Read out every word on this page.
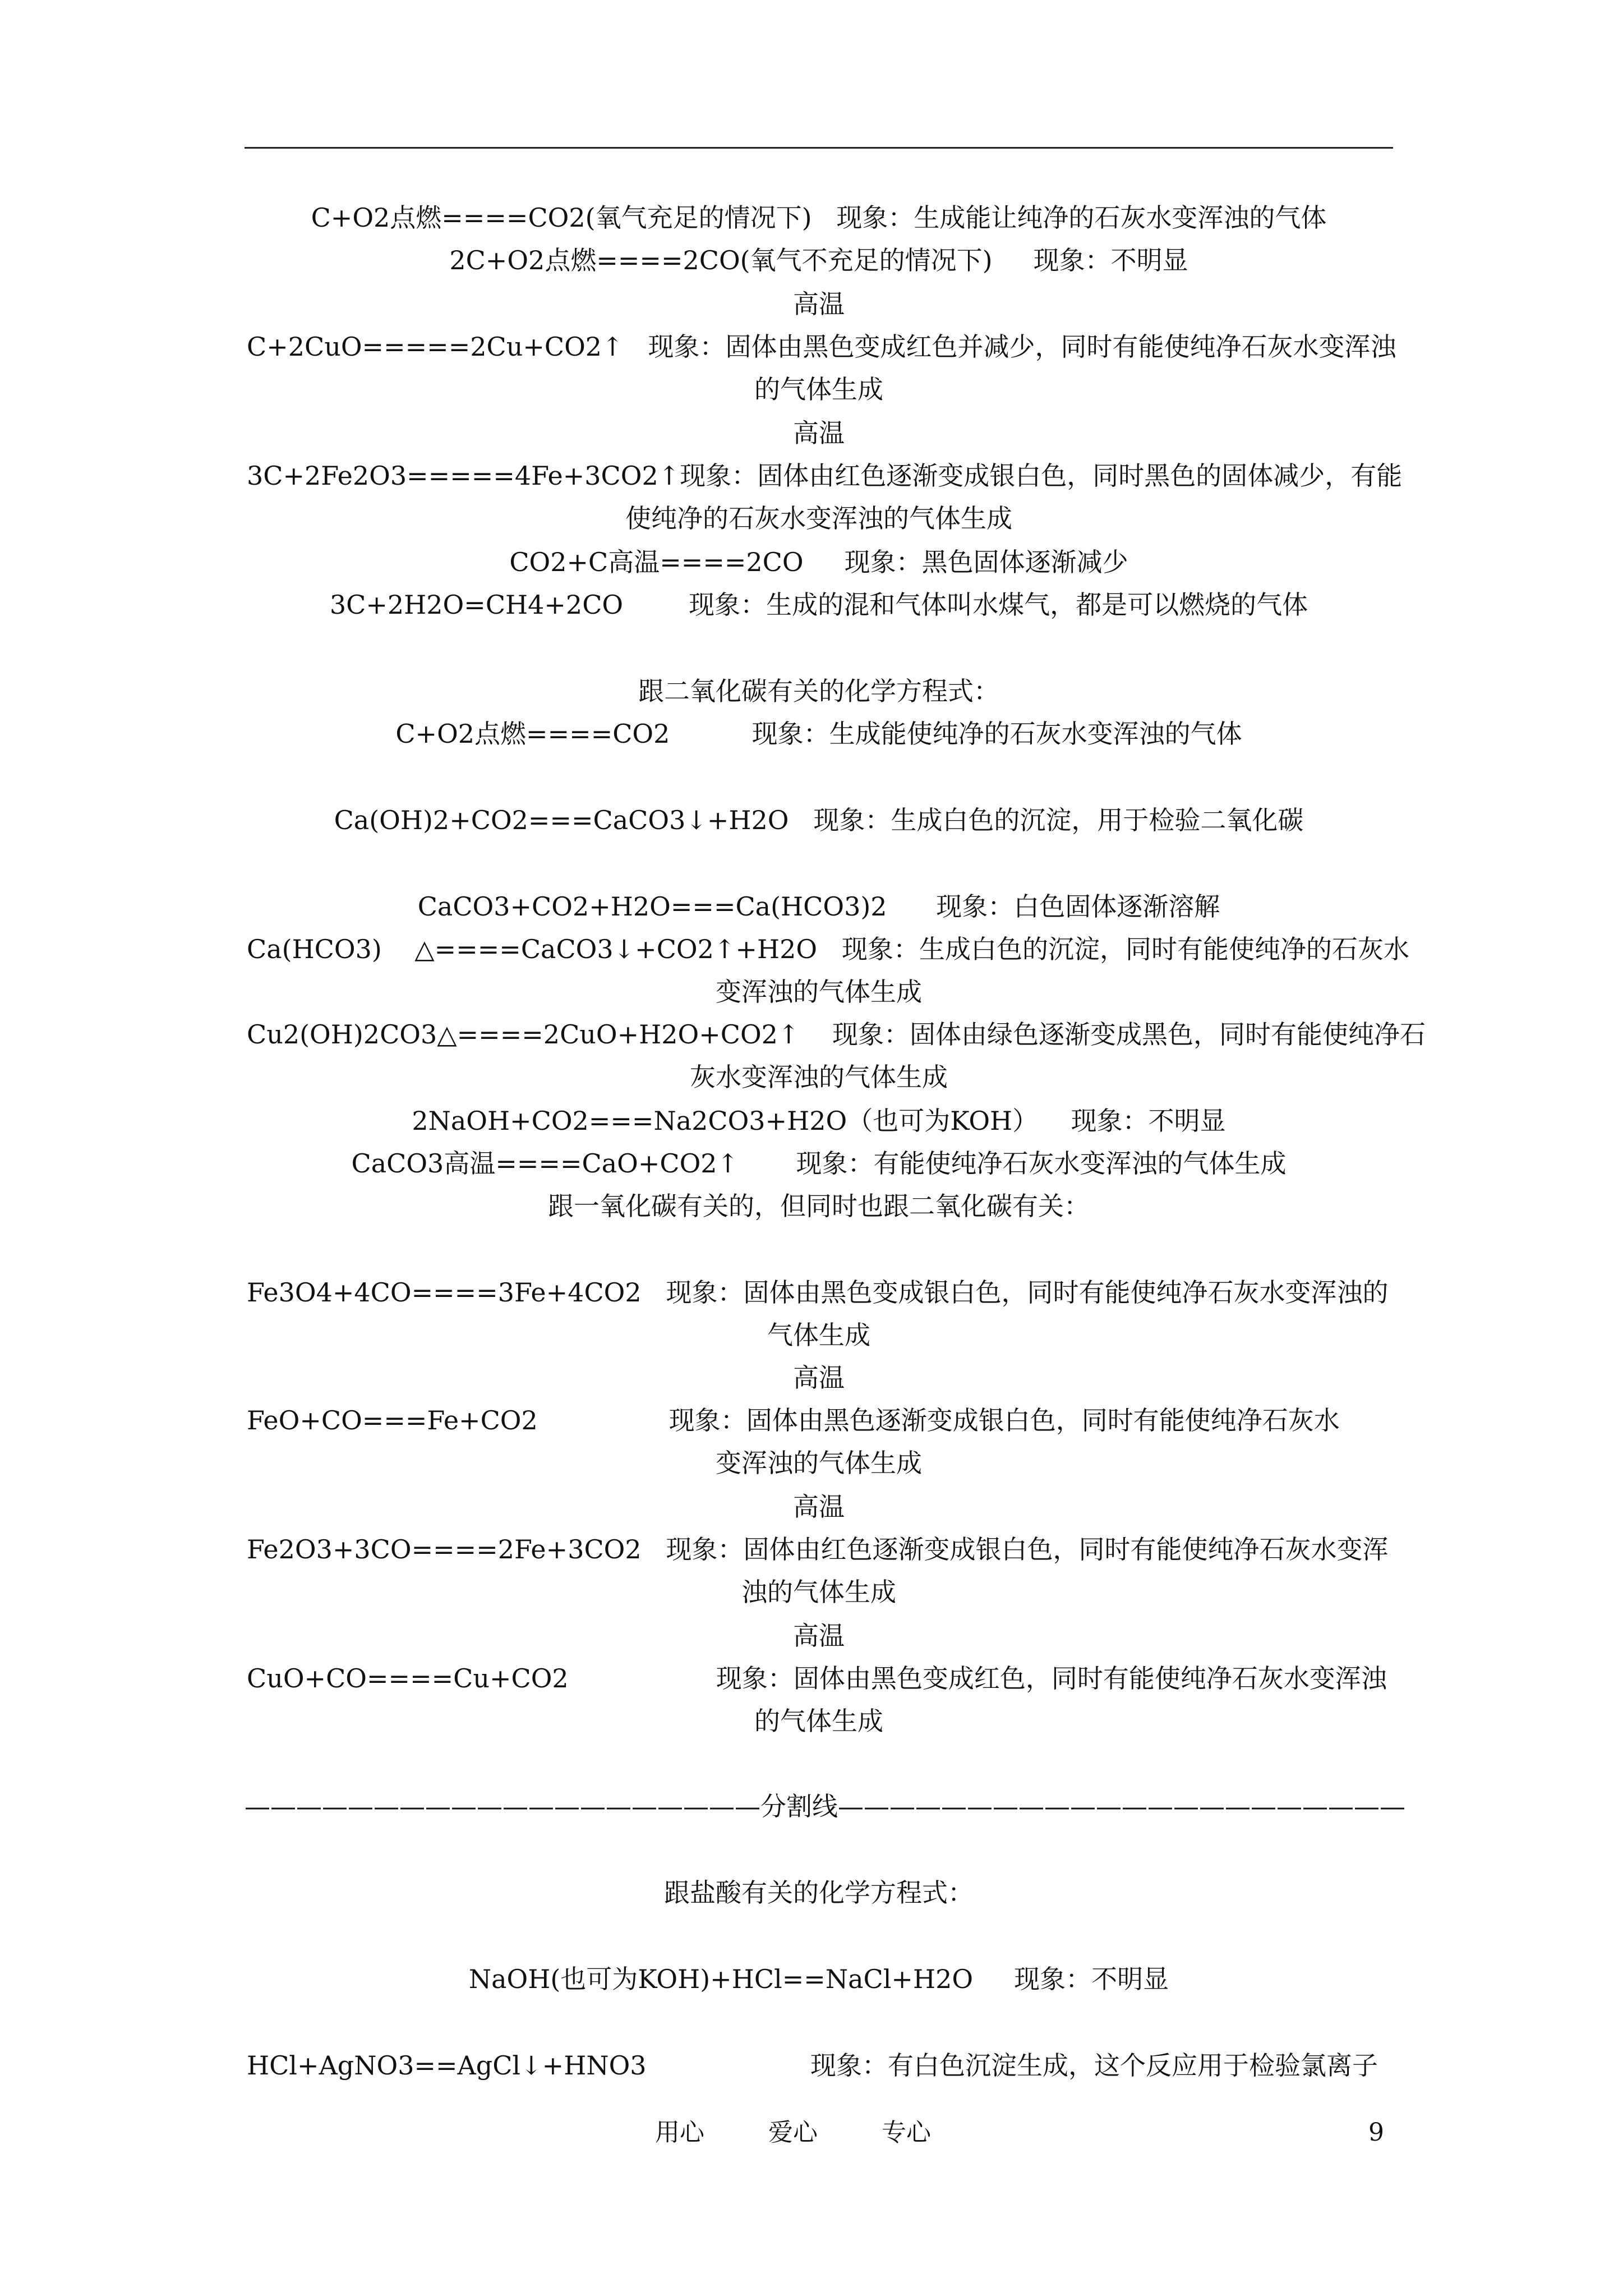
C+O2点燃====CO2(氧气充足的情况下)   现象：生成能让纯净的石灰水变浑浊的气体
2C+O2点燃====2CO(氧气不充足的情况下)     现象：不明显
高温
C+2CuO=====2Cu+CO2↑   现象：固体由黑色变成红色并减少，同时有能使纯净石灰水变浑浊
的气体生成
高温
3C+2Fe2O3=====4Fe+3CO2↑现象：固体由红色逐渐变成银白色，同时黑色的固体减少，有能
使纯净的石灰水变浑浊的气体生成
CO2+C高温====2CO     现象：黑色固体逐渐减少
3C+2H2O=CH4+2CO        现象：生成的混和气体叫水煤气，都是可以燃烧的气体
跟二氧化碳有关的化学方程式：
C+O2点燃====CO2          现象：生成能使纯净的石灰水变浑浊的气体
Ca(OH)2+CO2===CaCO3↓+H2O   现象：生成白色的沉淀，用于检验二氧化碳
CaCO3+CO2+H2O===Ca(HCO3)2      现象：白色固体逐渐溶解
Ca(HCO3)    △====CaCO3↓+CO2↑+H2O   现象：生成白色的沉淀，同时有能使纯净的石灰水
变浑浊的气体生成
Cu2(OH)2CO3△====2CuO+H2O+CO2↑    现象：固体由绿色逐渐变成黑色，同时有能使纯净石
灰水变浑浊的气体生成
2NaOH+CO2===Na2CO3+H2O（也可为KOH）    现象：不明显
CaCO3高温====CaO+CO2↑       现象：有能使纯净石灰水变浑浊的气体生成
跟一氧化碳有关的，但同时也跟二氧化碳有关：
Fe3O4+4CO====3Fe+4CO2   现象：固体由黑色变成银白色，同时有能使纯净石灰水变浑浊的
气体生成
高温
FeO+CO===Fe+CO2                现象：固体由黑色逐渐变成银白色，同时有能使纯净石灰水
变浑浊的气体生成
高温
Fe2O3+3CO====2Fe+3CO2   现象：固体由红色逐渐变成银白色，同时有能使纯净石灰水变浑
浊的气体生成
高温
CuO+CO====Cu+CO2                  现象：固体由黑色变成红色，同时有能使纯净石灰水变浑浊
的气体生成
————————————————————分割线——————————————————————
跟盐酸有关的化学方程式：
NaOH(也可为KOH)+HCl==NaCl+H2O     现象：不明显
HCl+AgNO3==AgCl↓+HNO3                    现象：有白色沉淀生成，这个反应用于检验氯离子
用心	爱心	专心	9
